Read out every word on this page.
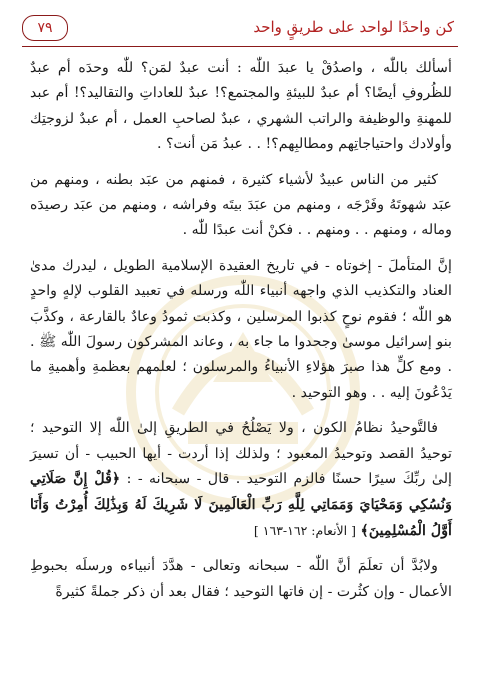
كن واحدًا لواحد على طريقٍ واحد
٧٩

أسألك باللّٰه ، واصدُقْ يا عبدَ اللّٰه : أنت عبدٌ لمَن؟ للّٰه وحدَه أم عبدٌ للظُروفِ أيضًا؟ أم عبدٌ للبيئةِ والمجتمع؟! عبدٌ للعاداتِ والتقاليد؟! أم عبد للمهنةِ والوظيفة والراتب الشهري ، عبدٌ لصاحبِ العمل ، أم عبدٌ لزوجتِك وأولادك واحتياجاتِهم ومطالبِهم؟! . . عبدُ مَن أنت؟ .

كثير من الناس عبيدٌ لأشياء كثيرة ، فمنهم من عبَد بطنه ، ومنهم من عبَد شهوتَهُ وفَرْجَه ، ومنهم من عبَدَ بيتَه وفراشه ، ومنهم من عبَد رصيدَه وماله ، ومنهم . . ومنهم . . فكنْ أنت عبدًا للّٰه .

إنَّ المتأملَ - إخوتاه - في تاريخ العقيدة الإسلامية الطويل ، ليدرك مدىٰ العناد والتكذيب الذي واجهه أنبياء اللّٰه ورسله في تعبيد القلوب لإلهٍ واحدٍ هو اللّٰه ؛ فقوم نوحٍ كذبوا المرسلين ، وكذبت ثمودُ وعادٌ بالقارعة ، وكذَّبَ بنو إسرائيل موسىٰ وجحدوا ما جاء به ، وعاند المشركون رسولَ اللّٰه ﷺ . . ومع كلٍّ هذا صبرَ هؤلاءِ الأنبياءُ والمرسلون ؛ لعلمهم بعظمةِ وأهميةِ ما يَدْعُونَ إليه . . وهو التوحيد .

فالتَّوحيدُ نظامُ الكون ، ولا يَصْلُحُ في الطريقِ إلىٰ اللّٰه إلا التوحيد ؛ توحيدُ القصد وتوحيدُ المعبود ؛ ولذلك إذا أردت - أيها الحبيب - أن تسيرَ إلىٰ ربِّكَ سيرًا حسنًا فالزم التوحيد . قال - سبحانه - : ﴿قُلْ إِنَّ صَلَاتِي وَنُسُكِي وَمَحْيَايَ وَمَمَاتِي لِلَّهِ رَبِّ الْعَالَمِينَ لَا شَرِيكَ لَهُ وَبِذَٰلِكَ أُمِرْتُ وَأَنَا أَوَّلُ الْمُسْلِمِينَ﴾ [ الأنعام: ١٦٢-١٦٣ ]

ولابُدَّ أن تعلَمَ أنَّ اللّٰه - سبحانه وتعالى - هدَّدَ أنبياءه ورسلَه بحبوطِ الأعمال - وإن كثُرت - إن فاتها التوحيد ؛ فقال بعد أن ذكر جملةً كثيرةً
